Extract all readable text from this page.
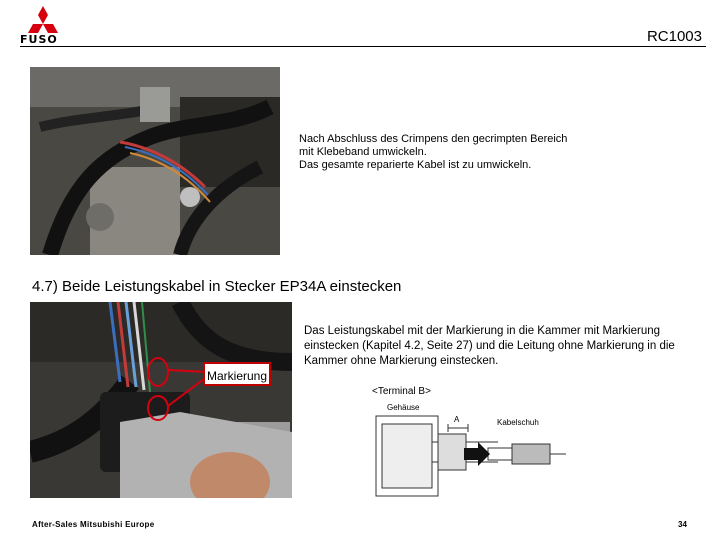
FUSO	RC1003
Nach Abschluss des Crimpens den gecrimpten Bereich
mit Klebeband umwickeln.
Das gesamte reparierte Kabel ist zu umwickeln.
4.7) Beide Leistungskabel in Stecker EP34A einstecken
Markierung
Das Leistungskabel mit der Markierung in die Kammer mit Markierung einstecken (Kapitel 4.2, Seite 27) und die Leitung ohne Markierung in die Kammer ohne Markierung einstecken.
A
<Terminal B>
Gehäuse
Kabelschuh
After-Sales Mitsubishi Europe	34
